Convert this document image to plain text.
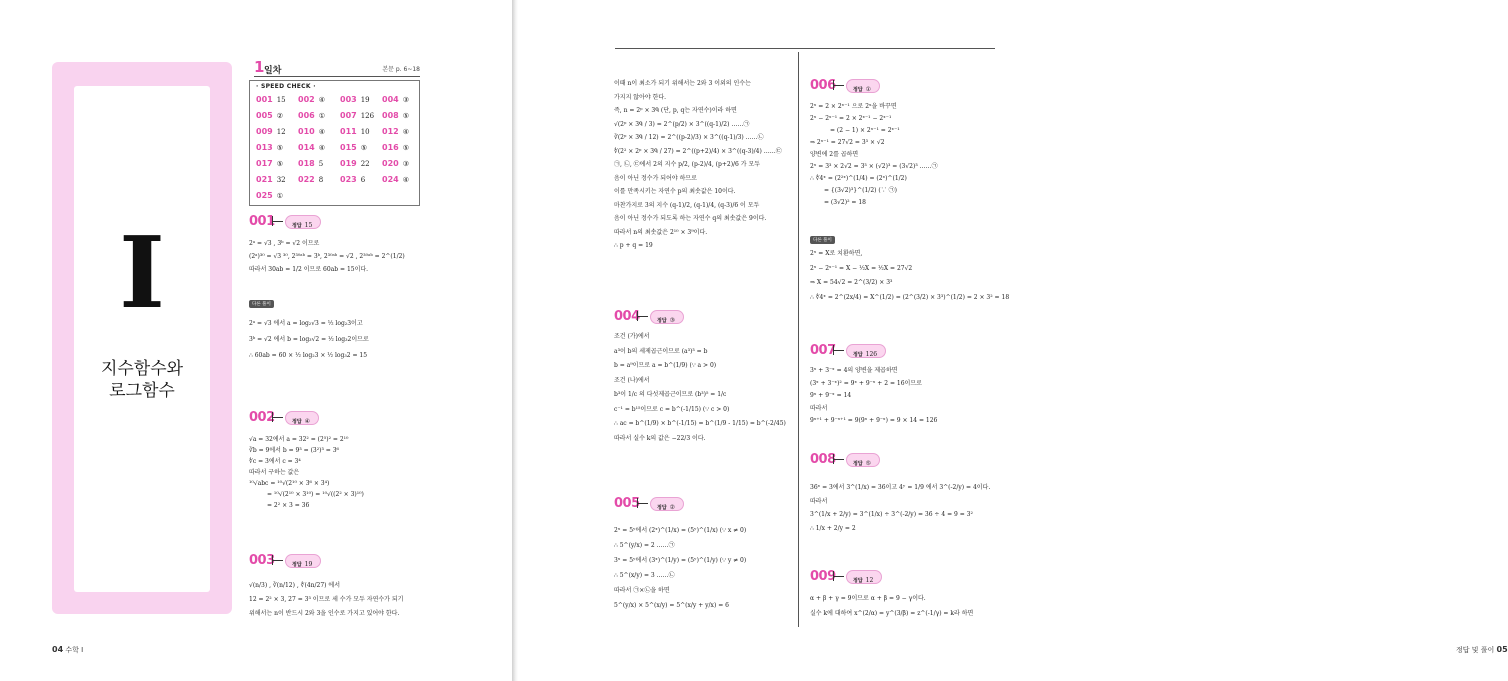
I
지수함수와
로그함수
1 일차	본문 p. 6~18
· SPEED CHECK ·
001 15 002 ④ 003 19 004 ③
005 ② 006 ① 007 126 008 ⑤
009 12 010 ④ 011 10 012 ④
013 ⑤ 014 ④ 015 ⑤ 016 ⑤
017 ⑤ 018 5 019 22 020 ③
021 32 022 8 023 6 024 ④
025 ①
001	정답 15
2ᵃ = √3 , 3ᵇ = √2 이므로
(2ᵃ)³⁰ = √3 ³⁰, 2³⁰ᵃᵇ = 3ᵇ, 2³⁰ᵃᵇ = √2 , 2³⁰ᵃᵇ = 2^(1/2)
따라서 30ab = 1/2 이므로 60ab = 15이다.
다른 풀이
2ᵃ = √3 에서 a = log₂√3 = ½ log₂3이고
3ᵇ = √2 에서 b = log₃√2 = ½ log₃2이므로
∴ 60ab = 60 × ½ log₂3 × ½ log₃2 = 15
002	정답 ④
√a = 32에서 a = 32² = (2⁵)² = 2¹⁰
∛b = 9에서 b = 9³ = (3²)³ = 3⁶
∜c = 3에서 c = 3⁴
따라서 구하는 값은
¹⁰√abc = ¹⁰√(2¹⁰ × 3⁶ × 3⁴)
= ¹⁰√(2¹⁰ × 3¹⁰) = ¹⁰√((2² × 3)¹⁰)
= 2² × 3 = 36
003	정답 19
√(n/3) , ∛(n/12) , ∜(4n/27) 에서
12 = 2² × 3, 27 = 3³ 이므로 세 수가 모두 자연수가 되기
위해서는 n이 반드시 2와 3을 인수로 가지고 있어야 한다.
04 수학 Ⅰ	정답 및 풀이 05
이때 n이 최소가 되기 위해서는 2와 3 이외의 인수는
가지지 않아야 한다.
즉, n = 2ᵖ × 3ᑫ (단, p, q는 자연수)이라 하면
√(2ᵖ × 3ᑫ / 3) = 2^(p/2) × 3^((q-1)/2) ……㉠
∛(2ᵖ × 3ᑫ / 12) = 2^((p-2)/3) × 3^((q-1)/3) ……㉡
∜(2² × 2ᵖ × 3ᑫ / 27) = 2^((p+2)/4) × 3^((q-3)/4) ……㉢
㉠, ㉡, ㉢에서 2의 지수 p/2, (p-2)/4, (p+2)/6 가 모두
음이 아닌 정수가 되어야 하므로
이를 만족시키는 자연수 p의 최솟값은 10이다.
마찬가지로 3의 지수 (q-1)/2, (q-1)/4, (q-3)/6 이 모두
음이 아닌 정수가 되도록 하는 자연수 q의 최솟값은 9이다.
따라서 n의 최솟값은 2¹⁰ × 3⁹이다.
∴ p + q = 19
004	정답 ③
조건 (가)에서
a³이 b의 세제곱근이므로 (a³)³ = b
b = a⁹이므로 a = b^(1/9) (∵ a > 0)
조건 (나)에서
b³이 1/c 의 다섯제곱근이므로 (b³)⁵ = 1/c
c⁻¹ = b¹⁵이므로 c = b^(-1/15) (∵ c > 0)
∴ ac = b^(1/9) × b^(-1/15) = b^(1/9 - 1/15) = b^(-2/45)
따라서 실수 k의 값은 −22/3 이다.
005	정답 ②
2ˣ = 5ʸ에서 (2ˣ)^(1/x) = (5ʸ)^(1/x) (∵ x ≠ 0)
∴ 5^(y/x) = 2 ……㉠
3ˣ = 5ʸ에서 (3ˣ)^(1/y) = (5ʸ)^(1/y) (∵ y ≠ 0)
∴ 5^(x/y) = 3 ……㉡
따라서 ㉠×㉡을 하면
5^(y/x) × 5^(x/y) = 5^(x/y + y/x) = 6
006	정답 ①
2ˣ = 2 × 2ˣ⁻¹ 으로 2ˣ을 바꾸면
2ˣ − 2ˣ⁻¹ = 2 × 2ˣ⁻¹ − 2ˣ⁻¹
= (2 − 1) × 2ˣ⁻¹ = 2ˣ⁻¹
⇒ 2ˣ⁻¹ = 27√2 = 3³ × √2
양변에 2를 곱하면
2ˣ = 3³ × 2√2 = 3³ × (√2)³ = (3√2)³ ……㉠
∴ ∜4ˣ = (2²ˣ)^(1/4) = (2ˣ)^(1/2)
= {(3√2)³}^(1/2) (∵ ㉠)
= (3√2)² = 18
다른 풀이
2ˣ = X로 치환하면,
2ˣ − 2ˣ⁻¹ = X − ½X = ½X = 27√2
⇒ X = 54√2 = 2^(3/2) × 3³
∴ ∜4ˣ = 2^(2x/4) = X^(1/2) = (2^(3/2) × 3³)^(1/2) = 2 × 3² = 18
007	정답 126
3ˣ + 3⁻ˣ = 4의 양변을 제곱하면
(3ˣ + 3⁻ˣ)² = 9ˣ + 9⁻ˣ + 2 = 16이므로
9ˣ + 9⁻ˣ = 14
따라서
9ˣ⁺¹ + 9⁻ˣ⁺¹ = 9(9ˣ + 9⁻ˣ) = 9 × 14 = 126
008	정답 ⑤
36ˣ = 3에서 3^(1/x) = 36이고 4ʸ = 1/9 에서 3^(-2/y) = 4이다.
따라서
3^(1/x + 2/y) = 3^(1/x) ÷ 3^(-2/y) = 36 ÷ 4 = 9 = 3²
∴ 1/x + 2/y = 2
009	정답 12
α + β + γ = 9이므로 α + β = 9 − γ이다.
실수 k에 대하여 x^(2/α) = y^(3/β) = z^(-1/γ) = k라 하면
